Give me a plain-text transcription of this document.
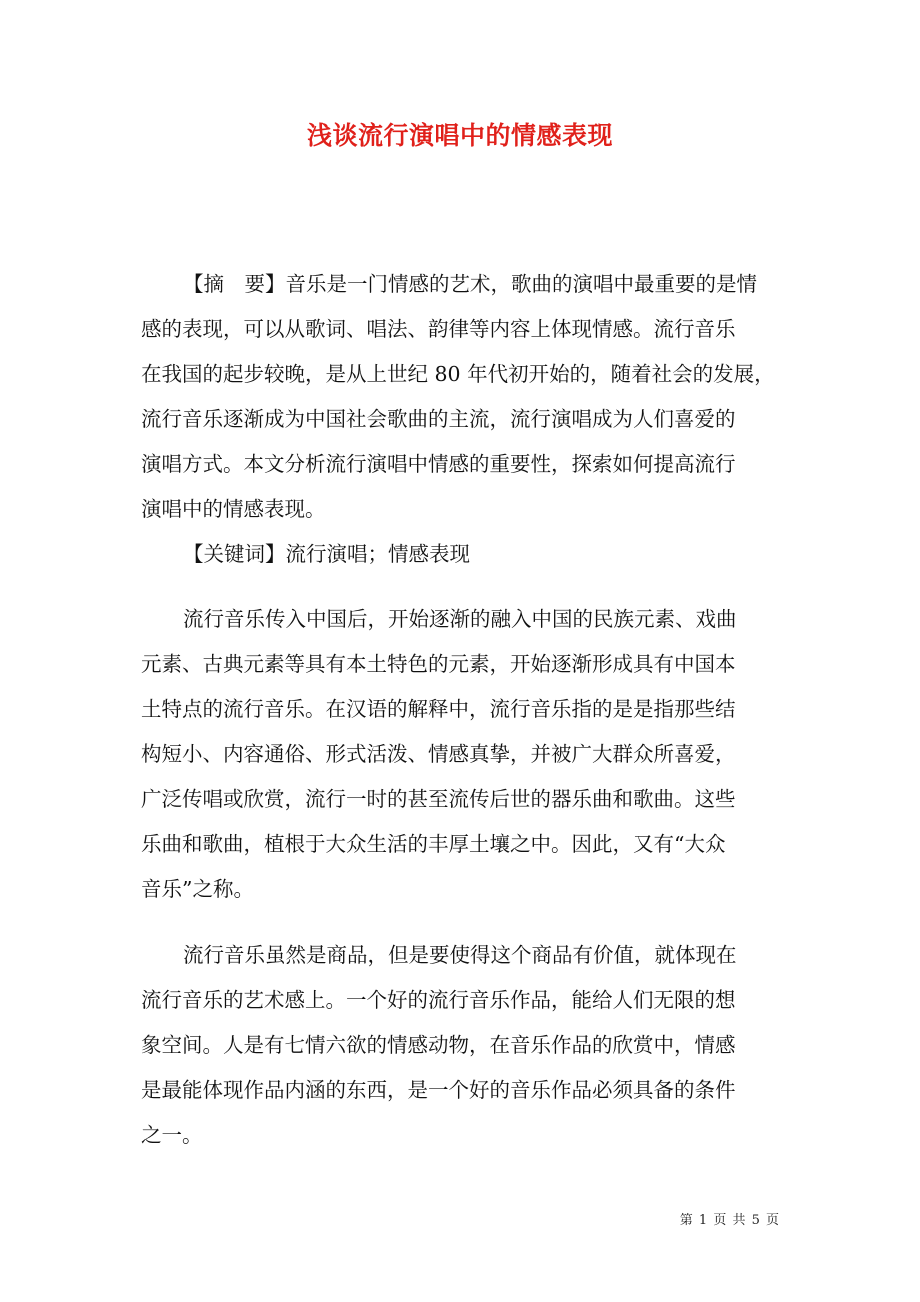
浅谈流行演唱中的情感表现
【摘　要】音乐是一门情感的艺术，歌曲的演唱中最重要的是情
感的表现，可以从歌词、唱法、韵律等内容上体现情感。流行音乐
在我国的起步较晚，是从上世纪 80 年代初开始的，随着社会的发展，
流行音乐逐渐成为中国社会歌曲的主流，流行演唱成为人们喜爱的
演唱方式。本文分析流行演唱中情感的重要性，探索如何提高流行
演唱中的情感表现。
【关键词】流行演唱；情感表现
流行音乐传入中国后，开始逐渐的融入中国的民族元素、戏曲
元素、古典元素等具有本土特色的元素，开始逐渐形成具有中国本
土特点的流行音乐。在汉语的解释中，流行音乐指的是是指那些结
构短小、内容通俗、形式活泼、情感真挚，并被广大群众所喜爱，
广泛传唱或欣赏，流行一时的甚至流传后世的器乐曲和歌曲。这些
乐曲和歌曲，植根于大众生活的丰厚土壤之中。因此，又有“大众
音乐”之称。
流行音乐虽然是商品，但是要使得这个商品有价值，就体现在
流行音乐的艺术感上。一个好的流行音乐作品，能给人们无限的想
象空间。人是有七情六欲的情感动物，在音乐作品的欣赏中，情感
是最能体现作品内涵的东西，是一个好的音乐作品必须具备的条件
之一。
第 1 页 共 5 页
